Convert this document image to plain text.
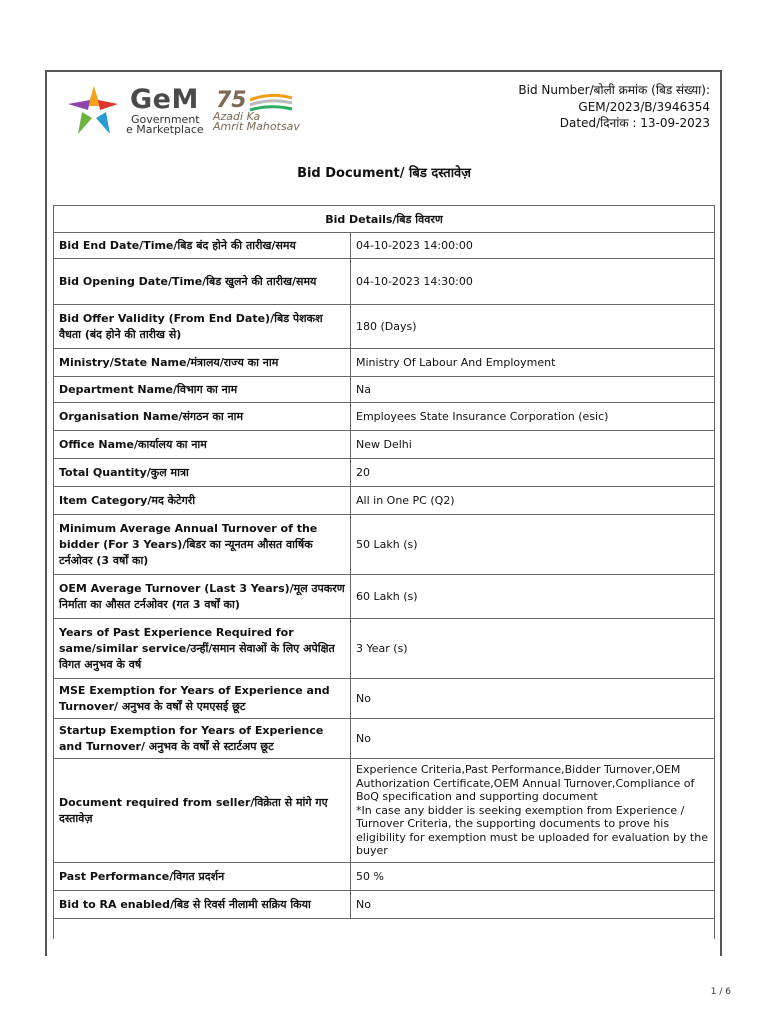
GeM
Government
e Marketplace
75
Azadi Ka
Amrit Mahotsav
Bid Number/बोली क्रमांक (बिड संख्या):
GEM/2023/B/3946354
Dated/दिनांक : 13-09-2023
Bid Document/ बिड दस्तावेज़
Bid Details/बिड विवरण	
Bid End Date/Time/बिड बंद होने की तारीख/समय	04-10-2023 14:00:00
Bid Opening Date/Time/बिड खुलने की तारीख/समय	04-10-2023 14:30:00
Bid Offer Validity (From End Date)/बिड पेशकश वैधता (बंद होने की तारीख से)	180 (Days)
Ministry/State Name/मंत्रालय/राज्य का नाम	Ministry Of Labour And Employment
Department Name/विभाग का नाम	Na
Organisation Name/संगठन का नाम	Employees State Insurance Corporation (esic)
Office Name/कार्यालय का नाम	New Delhi
Total Quantity/कुल मात्रा	20
Item Category/मद केटेगरी	All in One PC (Q2)
Minimum Average Annual Turnover of the bidder (For 3 Years)/बिडर का न्यूनतम औसत वार्षिक टर्नओवर (3 वर्षों का)	50 Lakh (s)
OEM Average Turnover (Last 3 Years)/मूल उपकरण निर्माता का औसत टर्नओवर (गत 3 वर्षों का)	60 Lakh (s)
Years of Past Experience Required for same/similar service/उन्हीं/समान सेवाओं के लिए अपेक्षित विगत अनुभव के वर्ष	3 Year (s)
MSE Exemption for Years of Experience and Turnover/ अनुभव के वर्षों से एमएसई छूट	No
Startup Exemption for Years of Experience and Turnover/ अनुभव के वर्षों से स्टार्टअप छूट	No
Document required from seller/विक्रेता से मांगे गए दस्तावेज़	Experience Criteria,Past Performance,Bidder Turnover,OEM Authorization Certificate,OEM Annual Turnover,Compliance of BoQ specification and supporting document
*In case any bidder is seeking exemption from Experience / Turnover Criteria, the supporting documents to prove his eligibility for exemption must be uploaded for evaluation by the buyer
Past Performance/विगत प्रदर्शन	50 %
Bid to RA enabled/बिड से रिवर्स नीलामी सक्रिय किया	No

1 / 6
